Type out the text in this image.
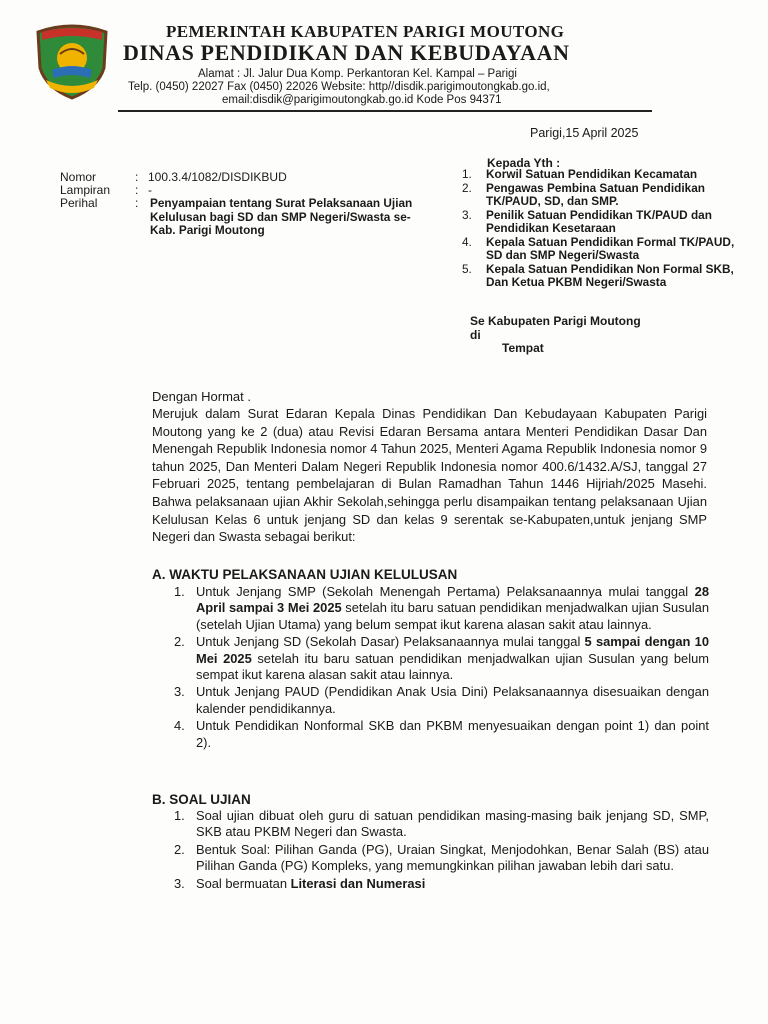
PEMERINTAH KABUPATEN PARIGI MOUTONG
DINAS PENDIDIKAN DAN KEBUDAYAAN
Alamat : Jl. Jalur Dua Komp. Perkantoran Kel. Kampal – Parigi
Telp. (0450) 22027 Fax (0450) 22026 Website: http//disdik.parigimoutongkab.go.id,
email:disdik@parigimoutongkab.go.id Kode Pos 94371
Parigi,15 April 2025
Nomor	: 100.3.4/1082/DISDIKBUD
Lampiran	: -
Perihal	: Penyampaian tentang Surat Pelaksanaan Ujian Kelulusan bagi SD dan SMP Negeri/Swasta se-Kab. Parigi Moutong
Kepada Yth :
1.	Korwil Satuan Pendidikan Kecamatan
2.	Pengawas Pembina Satuan Pendidikan TK/PAUD, SD, dan SMP.
3.	Penilik Satuan Pendidikan TK/PAUD dan Pendidikan Kesetaraan
4.	Kepala Satuan Pendidikan Formal TK/PAUD, SD dan SMP Negeri/Swasta
5.	Kepala Satuan Pendidikan Non Formal SKB, Dan Ketua PKBM Negeri/Swasta
Se Kabupaten Parigi Moutong
di
Tempat
Dengan Hormat .
Merujuk dalam Surat Edaran Kepala Dinas Pendidikan Dan Kebudayaan Kabupaten Parigi Moutong yang ke 2 (dua) atau Revisi Edaran Bersama antara Menteri Pendidikan Dasar Dan Menengah Republik Indonesia nomor 4 Tahun 2025, Menteri Agama Republik Indonesia nomor 9 tahun 2025, Dan Menteri Dalam Negeri Republik Indonesia nomor 400.6/1432.A/SJ, tanggal 27 Februari 2025, tentang pembelajaran di Bulan Ramadhan Tahun 1446 Hijriah/2025 Masehi. Bahwa pelaksanaan ujian Akhir Sekolah,sehingga perlu disampaikan tentang pelaksanaan Ujian Kelulusan Kelas 6 untuk jenjang SD dan kelas 9 serentak se-Kabupaten,untuk jenjang SMP Negeri dan Swasta sebagai berikut:
A. WAKTU PELAKSANAAN UJIAN KELULUSAN
1. Untuk Jenjang SMP (Sekolah Menengah Pertama) Pelaksanaannya mulai tanggal 28 April sampai 3 Mei 2025 setelah itu baru satuan pendidikan menjadwalkan ujian Susulan (setelah Ujian Utama) yang belum sempat ikut karena alasan sakit atau lainnya.
2. Untuk Jenjang SD (Sekolah Dasar) Pelaksanaannya mulai tanggal 5 sampai dengan 10 Mei 2025 setelah itu baru satuan pendidikan menjadwalkan ujian Susulan yang belum sempat ikut karena alasan sakit atau lainnya.
3. Untuk Jenjang PAUD (Pendidikan Anak Usia Dini) Pelaksanaannya disesuaikan dengan kalender pendidikannya.
4. Untuk Pendidikan Nonformal SKB dan PKBM menyesuaikan dengan point 1) dan point 2).
B. SOAL UJIAN
1. Soal ujian dibuat oleh guru di satuan pendidikan masing-masing baik jenjang SD, SMP, SKB atau PKBM Negeri dan Swasta.
2. Bentuk Soal: Pilihan Ganda (PG), Uraian Singkat, Menjodohkan, Benar Salah (BS) atau Pilihan Ganda (PG) Kompleks, yang memungkinkan pilihan jawaban lebih dari satu.
3. Soal bermuatan Literasi dan Numerasi
